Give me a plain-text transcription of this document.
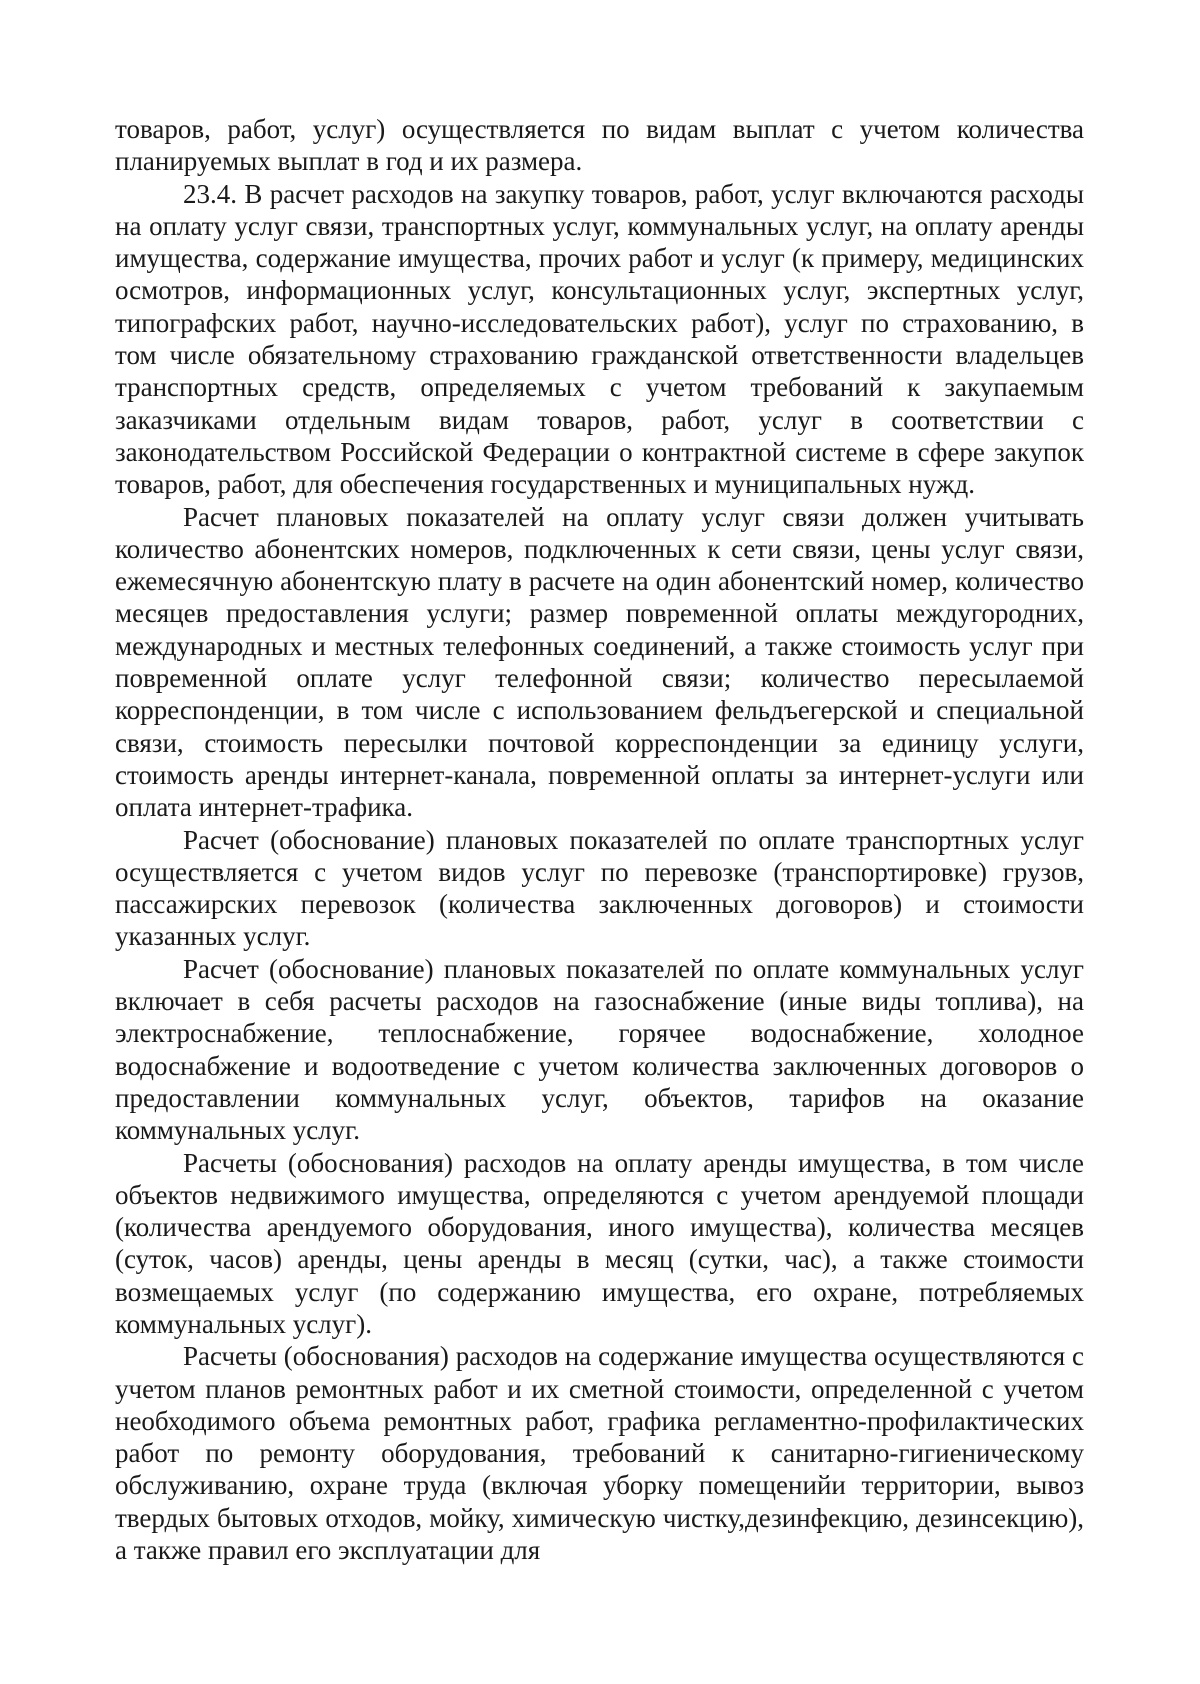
товаров, работ, услуг) осуществляется по видам выплат с учетом количества планируемых выплат в год и их размера.

23.4. В расчет расходов на закупку товаров, работ, услуг включаются расходы на оплату услуг связи, транспортных услуг, коммунальных услуг, на оплату аренды имущества, содержание имущества, прочих работ и услуг (к примеру, медицинских осмотров, информационных услуг, консультационных услуг, экспертных услуг, типографских работ, научно-исследовательских работ), услуг по страхованию, в том числе обязательному страхованию гражданской ответственности владельцев транспортных средств, определяемых с учетом требований к закупаемым заказчиками отдельным видам товаров, работ, услуг в соответствии с законодательством Российской Федерации о контрактной системе в сфере закупок товаров, работ, для обеспечения государственных и муниципальных нужд.

Расчет плановых показателей на оплату услуг связи должен учитывать количество абонентских номеров, подключенных к сети связи, цены услуг связи, ежемесячную абонентскую плату в расчете на один абонентский номер, количество месяцев предоставления услуги; размер повременной оплаты междугородних, международных и местных телефонных соединений, а также стоимость услуг при повременной оплате услуг телефонной связи; количество пересылаемой корреспонденции, в том числе с использованием фельдъегерской и специальной связи, стоимость пересылки почтовой корреспонденции за единицу услуги, стоимость аренды интернет-канала, повременной оплаты за интернет-услуги или оплата интернет-трафика.

Расчет (обоснование) плановых показателей по оплате транспортных услуг осуществляется с учетом видов услуг по перевозке (транспортировке) грузов, пассажирских перевозок (количества заключенных договоров) и стоимости указанных услуг.

Расчет (обоснование) плановых показателей по оплате коммунальных услуг включает в себя расчеты расходов на газоснабжение (иные виды топлива), на электроснабжение, теплоснабжение, горячее водоснабжение, холодное водоснабжение и водоотведение с учетом количества заключенных договоров о предоставлении коммунальных услуг, объектов, тарифов на оказание коммунальных услуг.

Расчеты (обоснования) расходов на оплату аренды имущества, в том числе объектов недвижимого имущества, определяются с учетом арендуемой площади (количества арендуемого оборудования, иного имущества), количества месяцев (суток, часов) аренды, цены аренды в месяц (сутки, час), а также стоимости возмещаемых услуг (по содержанию имущества, его охране, потребляемых коммунальных услуг).

Расчеты (обоснования) расходов на содержание имущества осуществляются с учетом планов ремонтных работ и их сметной стоимости, определенной с учетом необходимого объема ремонтных работ, графика регламентно-профилактических работ по ремонту оборудования, требований к санитарно-гигиеническому обслуживанию, охране труда (включая уборку помещенийи территории, вывоз твердых бытовых отходов, мойку, химическую чистку,дезинфекцию, дезинсекцию), а также правил его эксплуатации для
